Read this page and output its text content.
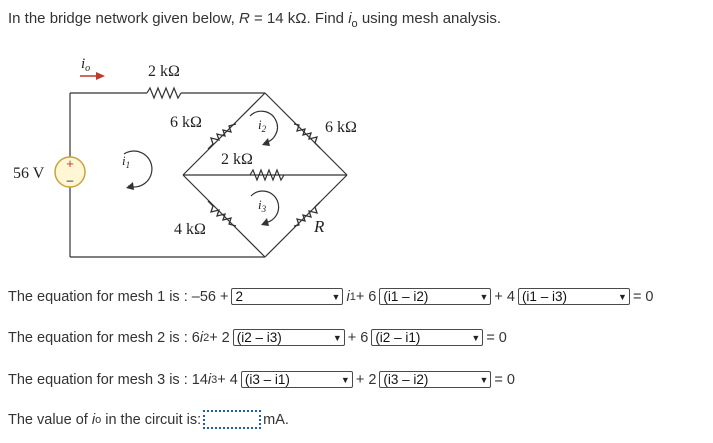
In the bridge network given below, R = 14 kΩ. Find $i_o$ using mesh analysis.
+
–
56 V
$i_o$	2 kΩ
6 kΩ	6 kΩ
2 kΩ
4 kΩ	R
$i_1$
$i_2$
$i_3$
The equation for mesh 1 is : –56 + 2	▼ i 1 + 6 (i1 – i2)	▼ + 4 (i1 – i3)	▼ = 0
The equation for mesh 2 is : 6 i 2 + 2 (i2 – i3)	▼ + 6 (i2 – i1)	▼ = 0
The equation for mesh 3 is : 14 i 3 + 4 (i3 – i1)	▼ + 2 (i3 – i2)	▼ = 0
The value of
i o
in the circuit is:	mA.
